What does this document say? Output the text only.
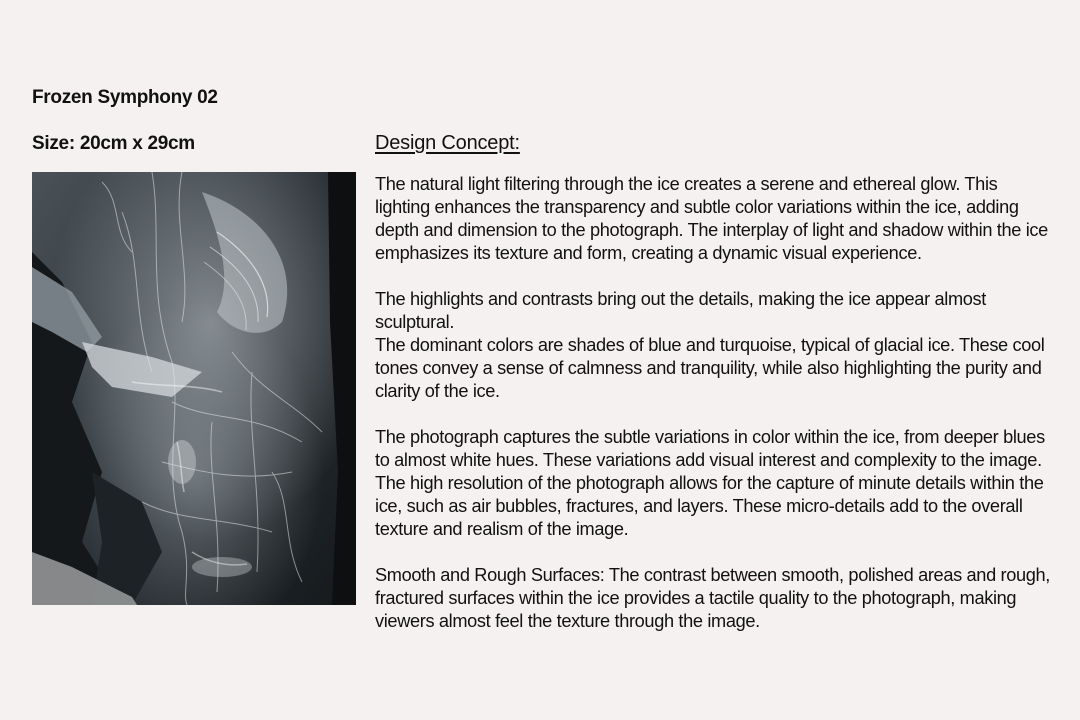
Frozen Symphony 02
Size: 20cm x 29cm	Design Concept:

The natural light filtering through the ice creates a serene and ethereal glow. This lighting enhances the transparency and subtle color variations within the ice, adding depth and dimension to the photograph. The interplay of light and shadow within the ice emphasizes its texture and form, creating a dynamic visual experience.

The highlights and contrasts bring out the details, making the ice appear almost sculptural.

The dominant colors are shades of blue and turquoise, typical of glacial ice. These cool tones convey a sense of calmness and tranquility, while also highlighting the purity and clarity of the ice.

The photograph captures the subtle variations in color within the ice, from deeper blues to almost white hues. These variations add visual interest and complexity to the image.

The high resolution of the photograph allows for the capture of minute details within the ice, such as air bubbles, fractures, and layers. These micro-details add to the overall texture and realism of the image.

Smooth and Rough Surfaces: The contrast between smooth, polished areas and rough, fractured surfaces within the ice provides a tactile quality to the photograph, making viewers almost feel the texture through the image.
